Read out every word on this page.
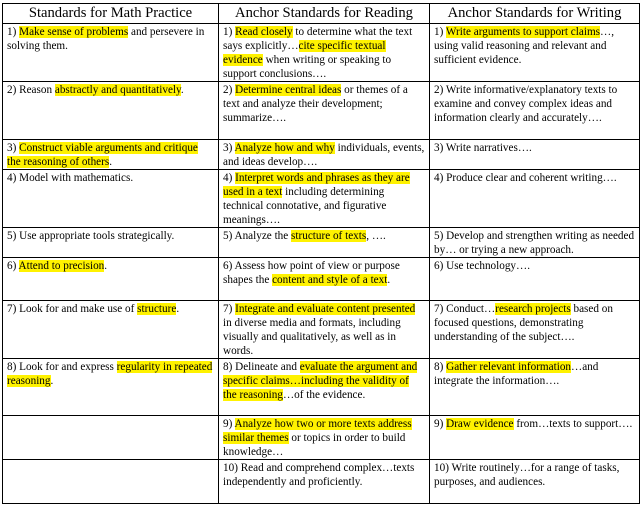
Standards for Math Practice	Anchor Standards for Reading	Anchor Standards for Writing
1) Make sense of problems and persevere in solving them.	1) Read closely to determine what the text says explicitly…cite specific textual evidence when writing or speaking to support conclusions….	1) Write arguments to support claims…, using valid reasoning and relevant and sufficient evidence.
2) Reason abstractly and quantitatively.	2) Determine central ideas or themes of a text and analyze their development; summarize….	2) Write informative/explanatory texts to examine and convey complex ideas and information clearly and accurately….
3) Construct viable arguments and critique the reasoning of others.	3) Analyze how and why individuals, events, and ideas develop….	3) Write narratives….
4) Model with mathematics.	4) Interpret words and phrases as they are used in a text including determining technical connotative, and figurative meanings….	4) Produce clear and coherent writing….
5) Use appropriate tools strategically.	5) Analyze the structure of texts, ….	5) Develop and strengthen writing as needed by… or trying a new approach.
6) Attend to precision.	6) Assess how point of view or purpose shapes the content and style of a text.	6) Use technology….
7) Look for and make use of structure.	7) Integrate and evaluate content presented in diverse media and formats, including visually and qualitatively, as well as in words.	7) Conduct…research projects based on focused questions, demonstrating understanding of the subject….
8) Look for and express regularity in repeated reasoning.	8) Delineate and evaluate the argument and specific claims…including the validity of the reasoning…of the evidence.	8) Gather relevant information…and integrate the information….
	9) Analyze how two or more texts address similar themes or topics in order to build knowledge…	9) Draw evidence from…texts to support….
	10) Read and comprehend complex…texts independently and proficiently.	10) Write routinely…for a range of tasks, purposes, and audiences.
